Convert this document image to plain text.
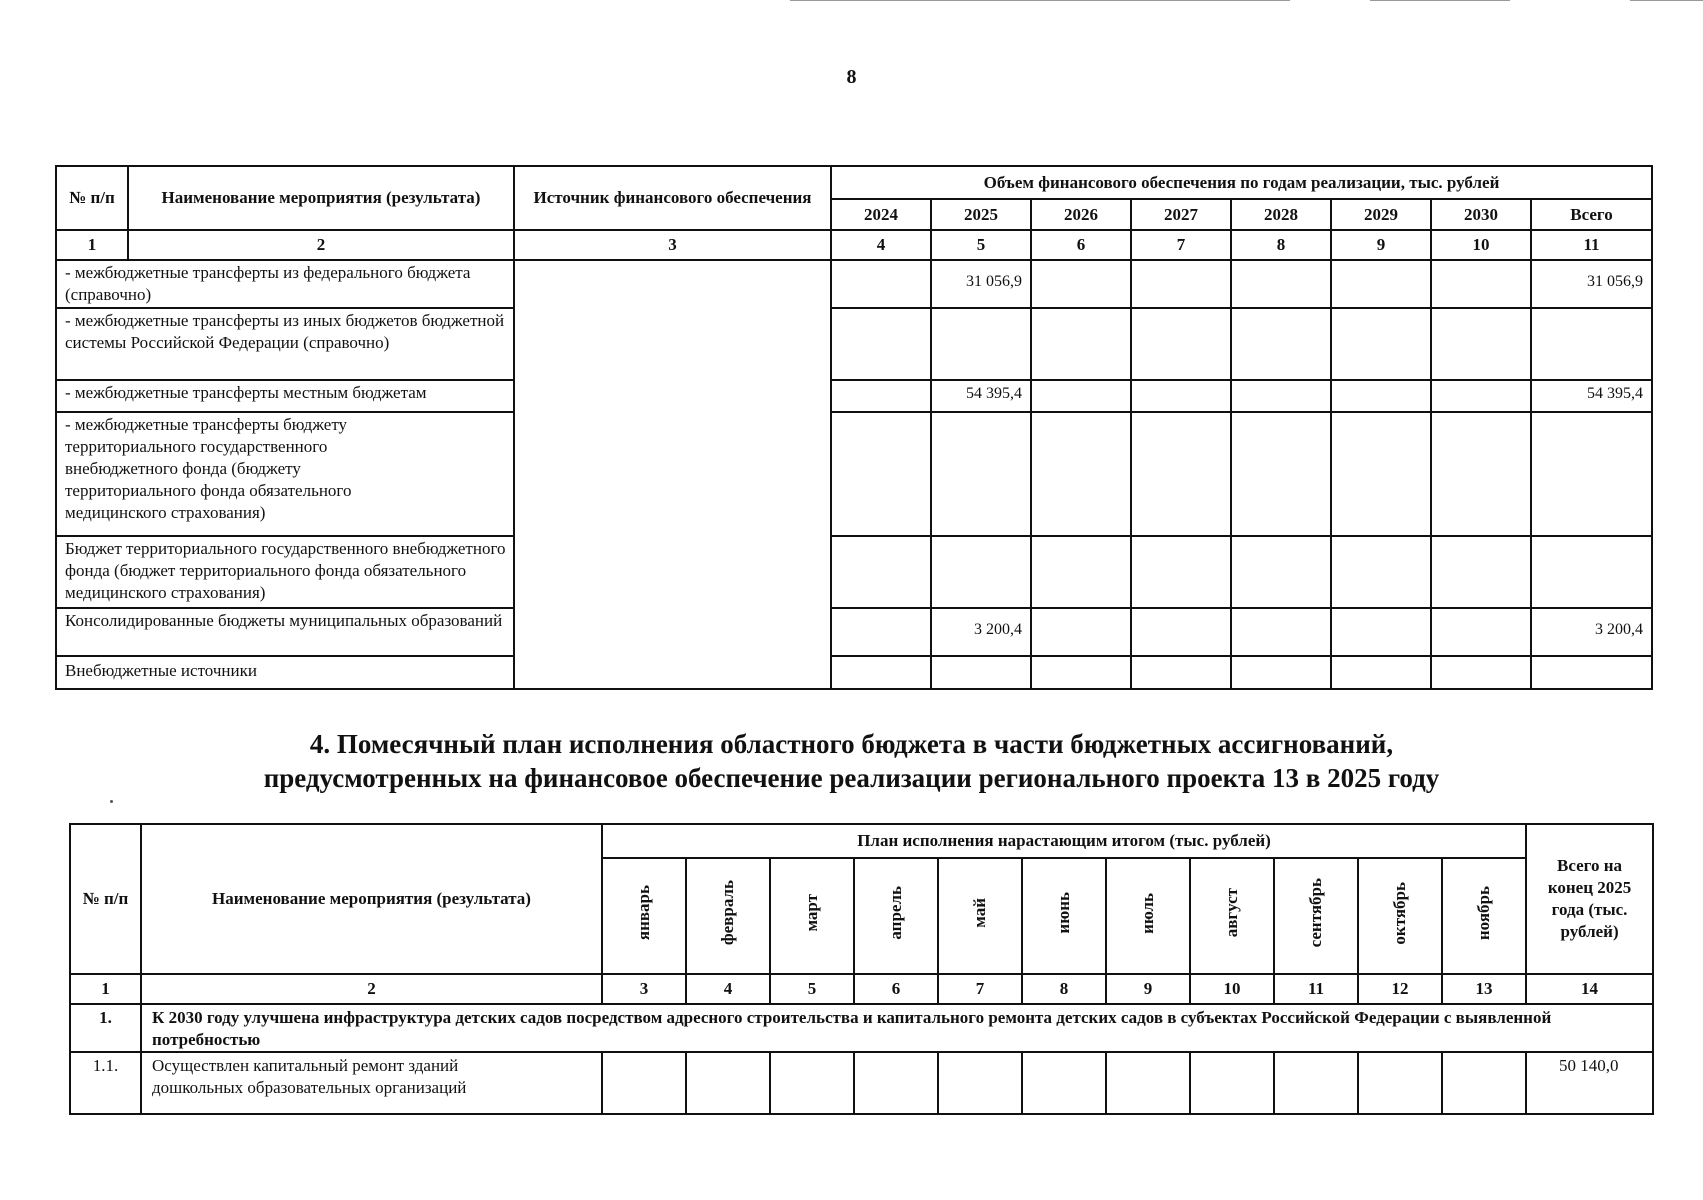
8
№ п/п	Наименование мероприятия (результата)	Источник финансового обеспечения	Объем финансового обеспечения по годам реализации, тыс. рублей							
			2024	2025	2026	2027	2028	2029	2030	Всего
1	2	3	4	5	6	7	8	9	10	11
- межбюджетные трансферты из федерального бюджета (справочно)				31 056,9						31 056,9
- межбюджетные трансферты из иных бюджетов бюджетной системы Российской Федерации (справочно)										
- межбюджетные трансферты местным бюджетам				54 395,4						54 395,4
- межбюджетные трансферты бюджету территориального государственного внебюджетного фонда (бюджету территориального фонда обязательного медицинского страхования)										
Бюджет территориального государственного внебюджетного фонда (бюджет территориального фонда обязательного медицинского страхования)										
Консолидированные бюджеты муниципальных образований				3 200,4						3 200,4
Внебюджетные источники										
4. Помесячный план исполнения областного бюджета в части бюджетных ассигнований,
предусмотренных на финансовое обеспечение реализации регионального проекта 13 в 2025 году
№ п/п	Наименование мероприятия (результата)	План исполнения нарастающим итогом (тыс. рублей)											Всего на конец 2025 года (тыс. рублей)
		январь	февраль	март	апрель	май	июнь	июль	август	сентябрь	октябрь	ноябрь	
1	2	3	4	5	6	7	8	9	10	11	12	13	14
1.	К 2030 году улучшена инфраструктура детских садов посредством адресного строительства и капитального ремонта детских садов в субъектах Российской Федерации с выявленной потребностью												
1.1.	Осуществлен капитальный ремонт зданий дошкольных образовательных организаций												50 140,0
